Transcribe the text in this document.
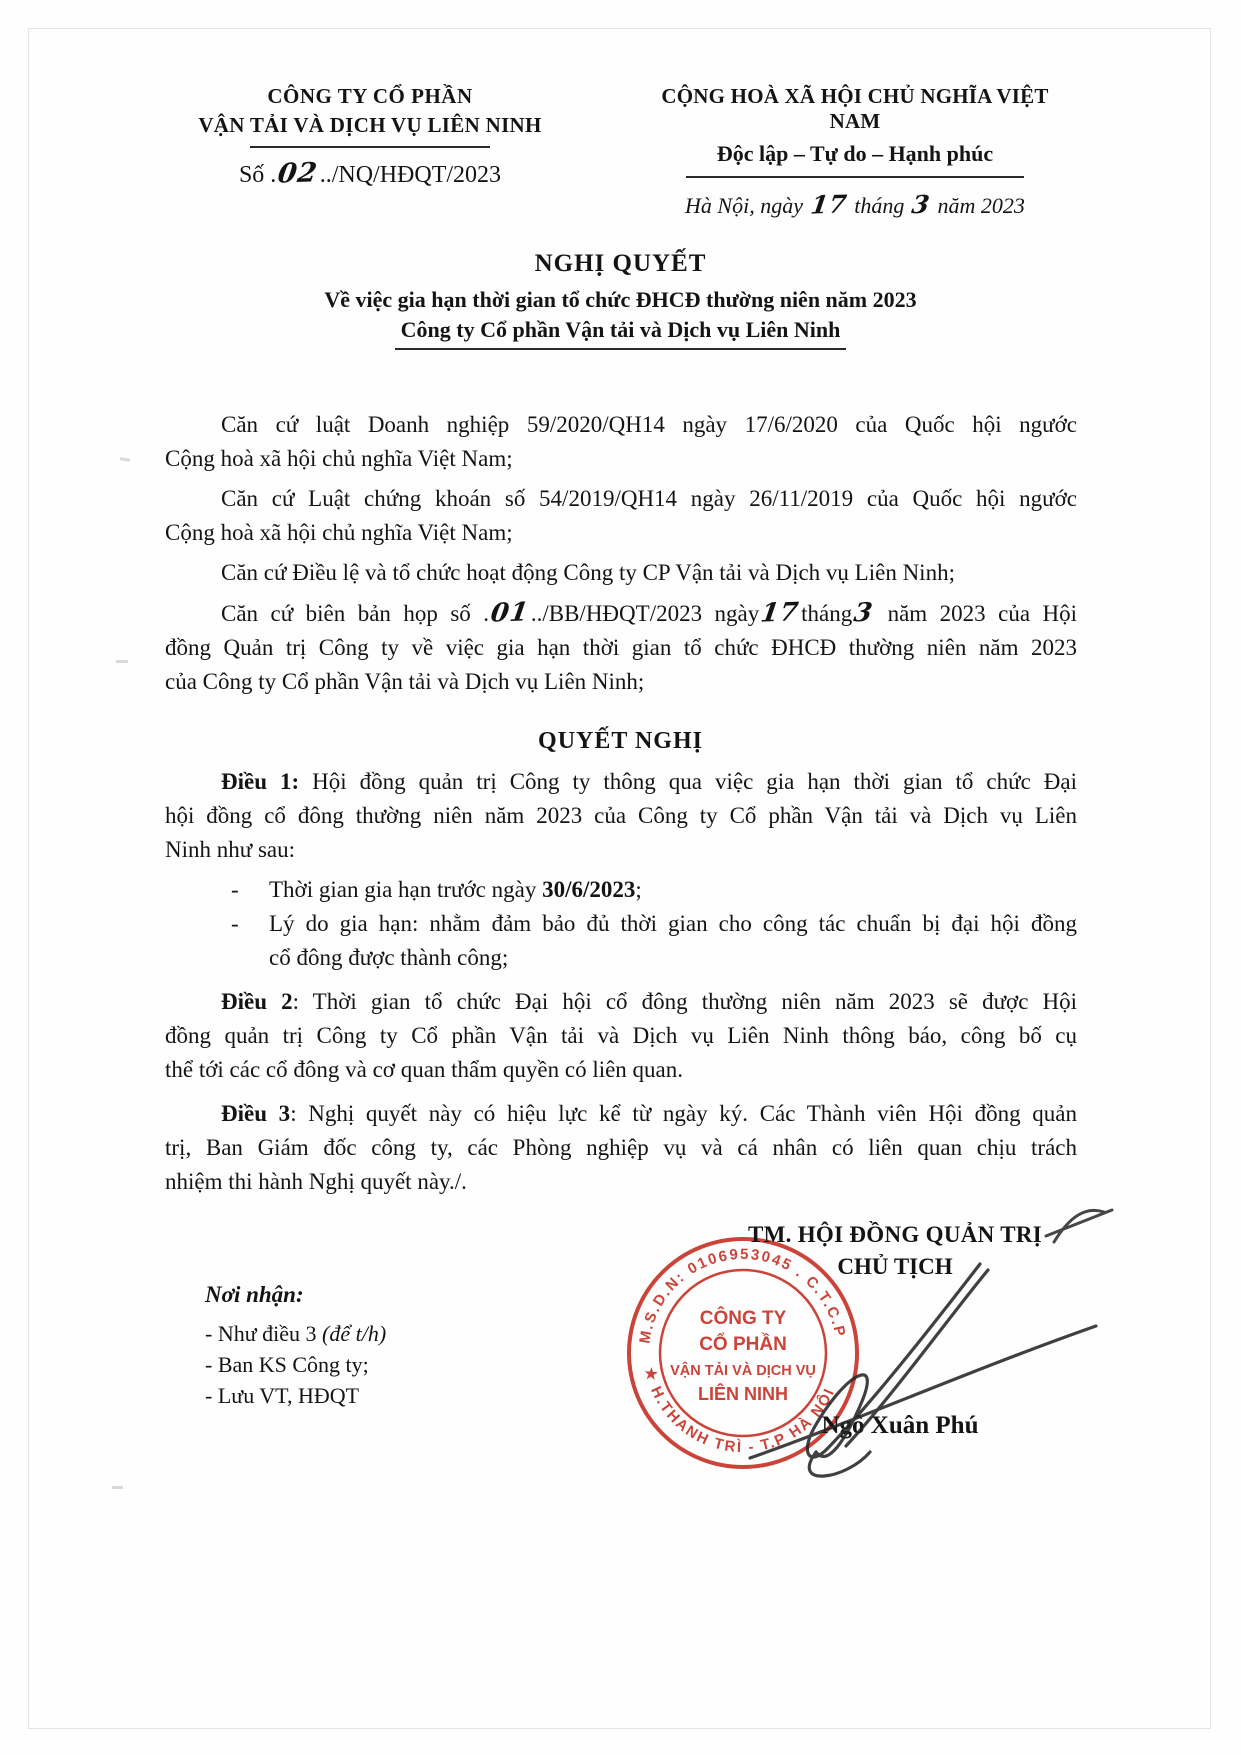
CÔNG TY CỔ PHẦN
VẬN TẢI VÀ DỊCH VỤ LIÊN NINH
Số .02../NQ/HĐQT/2023
CỘNG HOÀ XÃ HỘI CHỦ NGHĨA VIỆT NAM
Độc lập – Tự do – Hạnh phúc
Hà Nội, ngày 17 tháng 3 năm 2023
NGHỊ QUYẾT
Về việc gia hạn thời gian tổ chức ĐHCĐ thường niên năm 2023
Công ty Cổ phần Vận tải và Dịch vụ Liên Ninh
Căn cứ luật Doanh nghiệp 59/2020/QH14 ngày 17/6/2020 của Quốc hội ngước
Cộng hoà xã hội chủ nghĩa Việt Nam;
Căn cứ Luật chứng khoán số 54/2019/QH14 ngày 26/11/2019 của Quốc hội ngước
Cộng hoà xã hội chủ nghĩa Việt Nam;
Căn cứ Điều lệ và tổ chức hoạt động Công ty CP Vận tải và Dịch vụ Liên Ninh;
Căn cứ biên bản họp số .01../BB/HĐQT/2023 ngày17tháng3 năm 2023 của Hội
đồng Quản trị Công ty về việc gia hạn thời gian tổ chức ĐHCĐ thường niên năm 2023
của Công ty Cổ phần Vận tải và Dịch vụ Liên Ninh;
QUYẾT NGHỊ
Điều 1: Hội đồng quản trị Công ty thông qua việc gia hạn thời gian tổ chức Đại
hội đồng cổ đông thường niên năm 2023 của Công ty Cổ phần Vận tải và Dịch vụ Liên
Ninh như sau:
-	Thời gian gia hạn trước ngày 30/6/2023;
-	Lý do gia hạn: nhằm đảm bảo đủ thời gian cho công tác chuẩn bị đại hội đồng
cổ đông được thành công;
Điều 2: Thời gian tổ chức Đại hội cổ đông thường niên năm 2023 sẽ được Hội
đồng quản trị Công ty Cổ phần Vận tải và Dịch vụ Liên Ninh thông báo, công bố cụ
thể tới các cổ đông và cơ quan thẩm quyền có liên quan.
Điều 3: Nghị quyết này có hiệu lực kể từ ngày ký. Các Thành viên Hội đồng quản
trị, Ban Giám đốc công ty, các Phòng nghiệp vụ và cá nhân có liên quan chịu trách
nhiệm thi hành Nghị quyết này./.
TM. HỘI ĐỒNG QUẢN TRỊ
CHỦ TỊCH
M.S.D.N: 0106953045 . C.T.C.P
★ H.THANH TRÌ - T.P HÀ NỘI
CÔNG TY
CỔ PHẦN
VẬN TẢI VÀ DỊCH VỤ
LIÊN NINH
Ngô Xuân Phú
Nơi nhận:
- Như điều 3 (để t/h)
- Ban KS Công ty;
- Lưu VT, HĐQT
